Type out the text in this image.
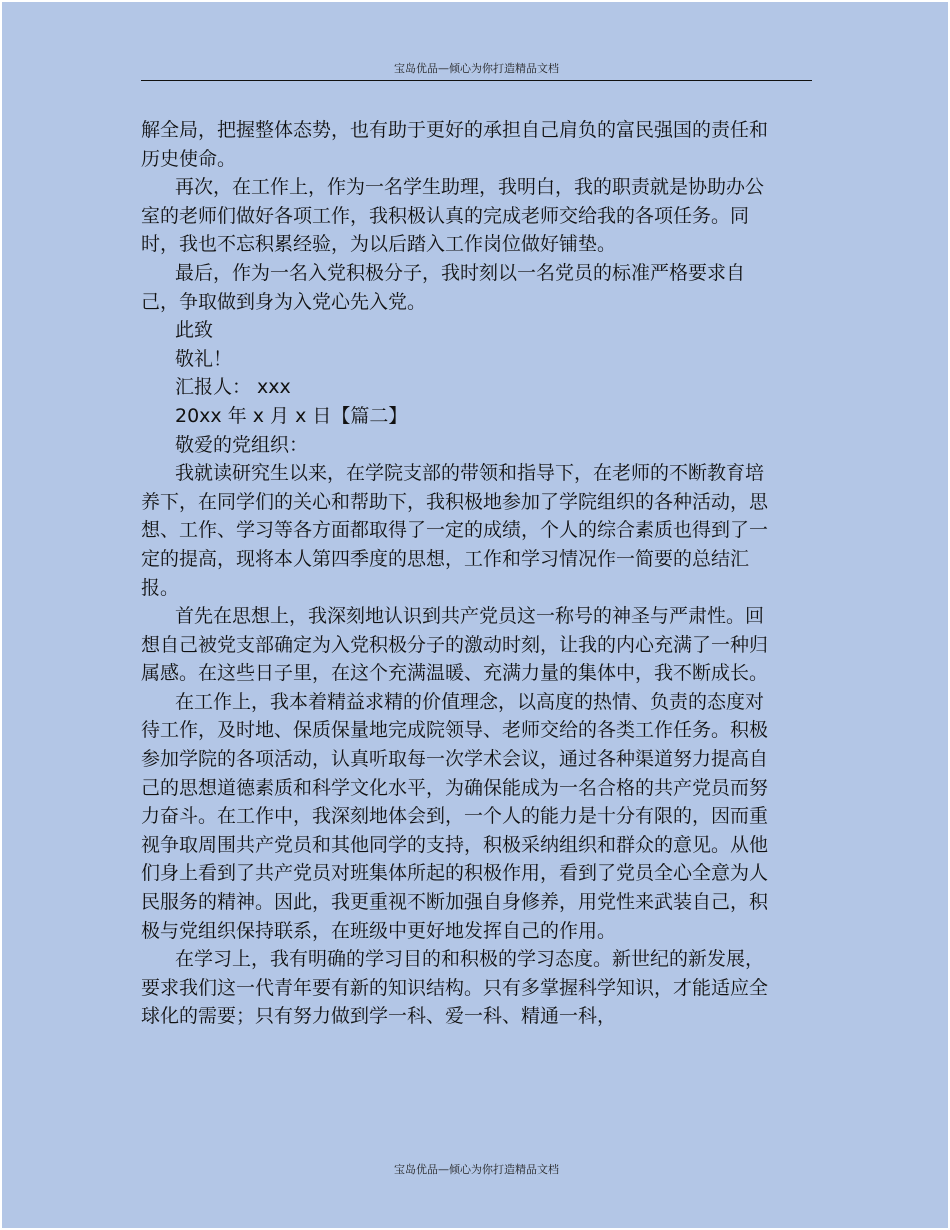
宝岛优品—倾心为你打造精品文档

解全局，把握整体态势，也有助于更好的承担自己肩负的富民强国的责任和历史使命。

再次，在工作上，作为一名学生助理，我明白，我的职责就是协助办公室的老师们做好各项工作，我积极认真的完成老师交给我的各项任务。同时，我也不忘积累经验，为以后踏入工作岗位做好铺垫。

最后，作为一名入党积极分子，我时刻以一名党员的标准严格要求自己，争取做到身为入党心先入党。

此致

敬礼！

汇报人： xxx

20xx 年 x 月 x 日【篇二】

敬爱的党组织：

我就读研究生以来，在学院支部的带领和指导下，在老师的不断教育培养下，在同学们的关心和帮助下，我积极地参加了学院组织的各种活动，思想、工作、学习等各方面都取得了一定的成绩，个人的综合素质也得到了一定的提高，现将本人第四季度的思想，工作和学习情况作一简要的总结汇报。

首先在思想上，我深刻地认识到共产党员这一称号的神圣与严肃性。回想自己被党支部确定为入党积极分子的激动时刻，让我的内心充满了一种归属感。在这些日子里，在这个充满温暖、充满力量的集体中，我不断成长。

在工作上，我本着精益求精的价值理念，以高度的热情、负责的态度对待工作，及时地、保质保量地完成院领导、老师交给的各类工作任务。积极参加学院的各项活动，认真听取每一次学术会议，通过各种渠道努力提高自己的思想道德素质和科学文化水平，为确保能成为一名合格的共产党员而努力奋斗。在工作中，我深刻地体会到，一个人的能力是十分有限的，因而重视争取周围共产党员和其他同学的支持，积极采纳组织和群众的意见。从他们身上看到了共产党员对班集体所起的积极作用，看到了党员全心全意为人民服务的精神。因此，我更重视不断加强自身修养，用党性来武装自己，积极与党组织保持联系，在班级中更好地发挥自己的作用。

在学习上，我有明确的学习目的和积极的学习态度。新世纪的新发展，要求我们这一代青年要有新的知识结构。只有多掌握科学知识，才能适应全球化的需要；只有努力做到学一科、爱一科、精通一科，

宝岛优品—倾心为你打造精品文档
